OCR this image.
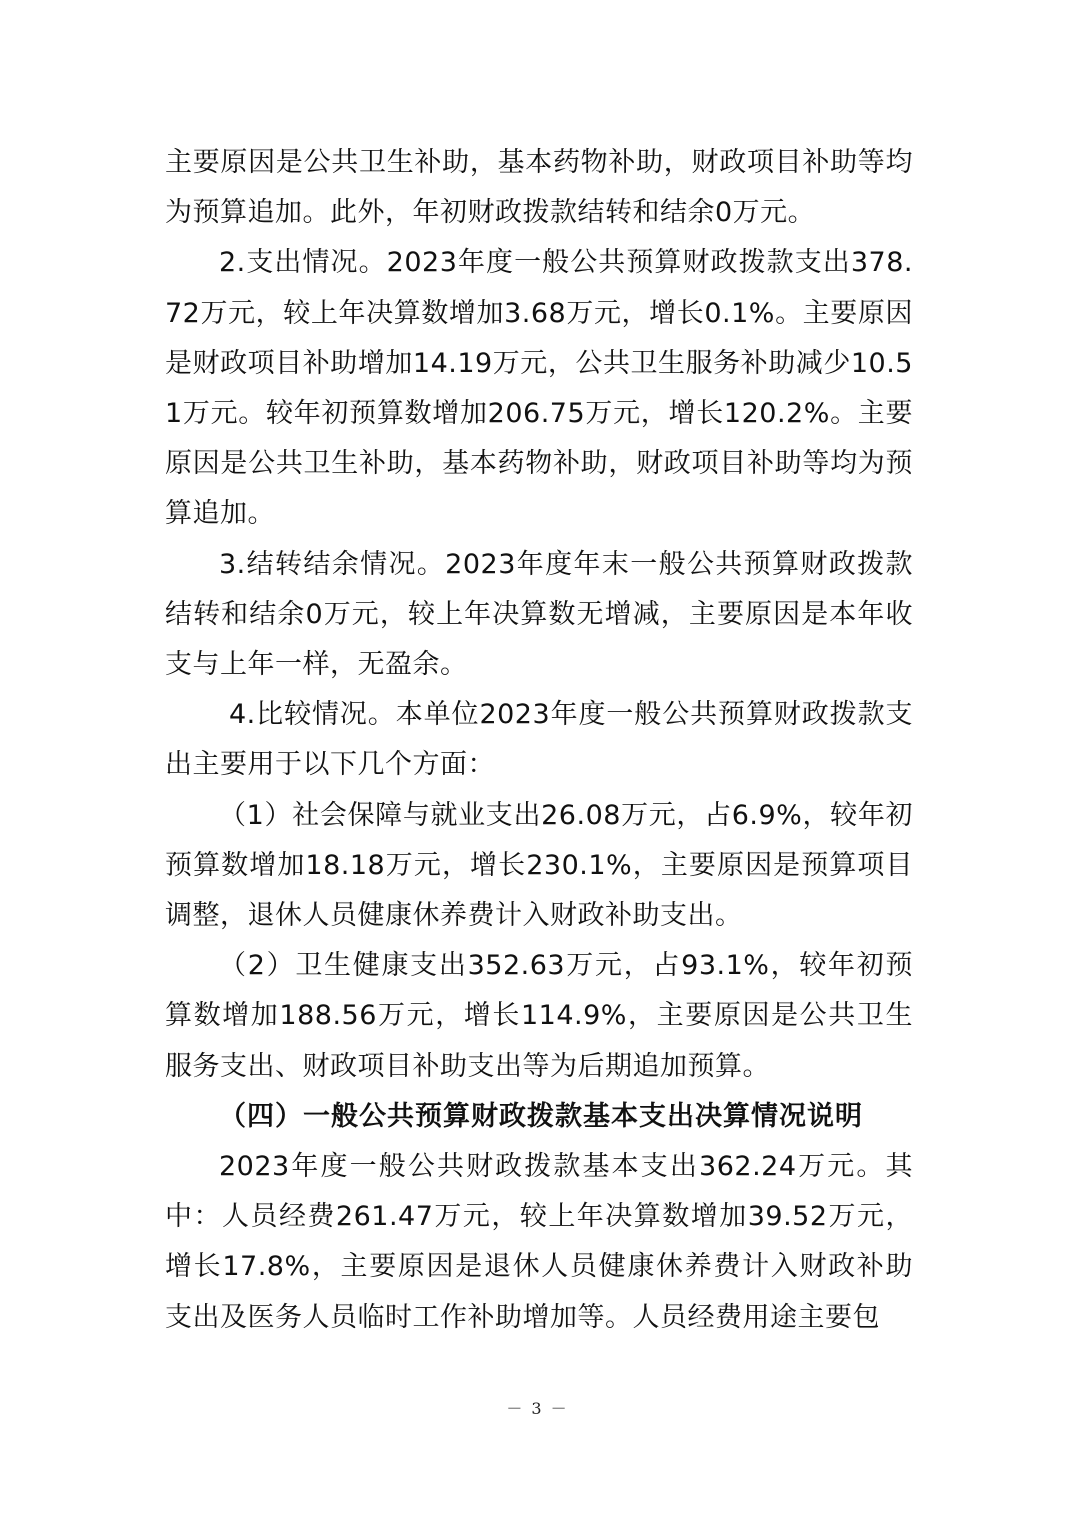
主要原因是公共卫生补助，基本药物补助，财政项目补助等均为预算追加。此外，年初财政拨款结转和结余0万元。

2.支出情况。2023年度一般公共预算财政拨款支出378.72万元，较上年决算数增加3.68万元，增长0.1%。主要原因是财政项目补助增加14.19万元，公共卫生服务补助减少10.51万元。较年初预算数增加206.75万元，增长120.2%。主要原因是公共卫生补助，基本药物补助，财政项目补助等均为预算追加。

3.结转结余情况。2023年度年末一般公共预算财政拨款结转和结余0万元，较上年决算数无增减，主要原因是本年收支与上年一样，无盈余。

4.比较情况。本单位2023年度一般公共预算财政拨款支出主要用于以下几个方面：

（1）社会保障与就业支出26.08万元，占6.9%，较年初预算数增加18.18万元，增长230.1%，主要原因是预算项目调整，退休人员健康休养费计入财政补助支出。

（2）卫生健康支出352.63万元，占93.1%，较年初预算数增加188.56万元，增长114.9%，主要原因是公共卫生服务支出、财政项目补助支出等为后期追加预算。

（四）一般公共预算财政拨款基本支出决算情况说明

2023年度一般公共财政拨款基本支出362.24万元。其中：人员经费261.47万元，较上年决算数增加39.52万元，增长17.8%，主要原因是退休人员健康休养费计入财政补助支出及医务人员临时工作补助增加等。人员经费用途主要包

－ 3 －
